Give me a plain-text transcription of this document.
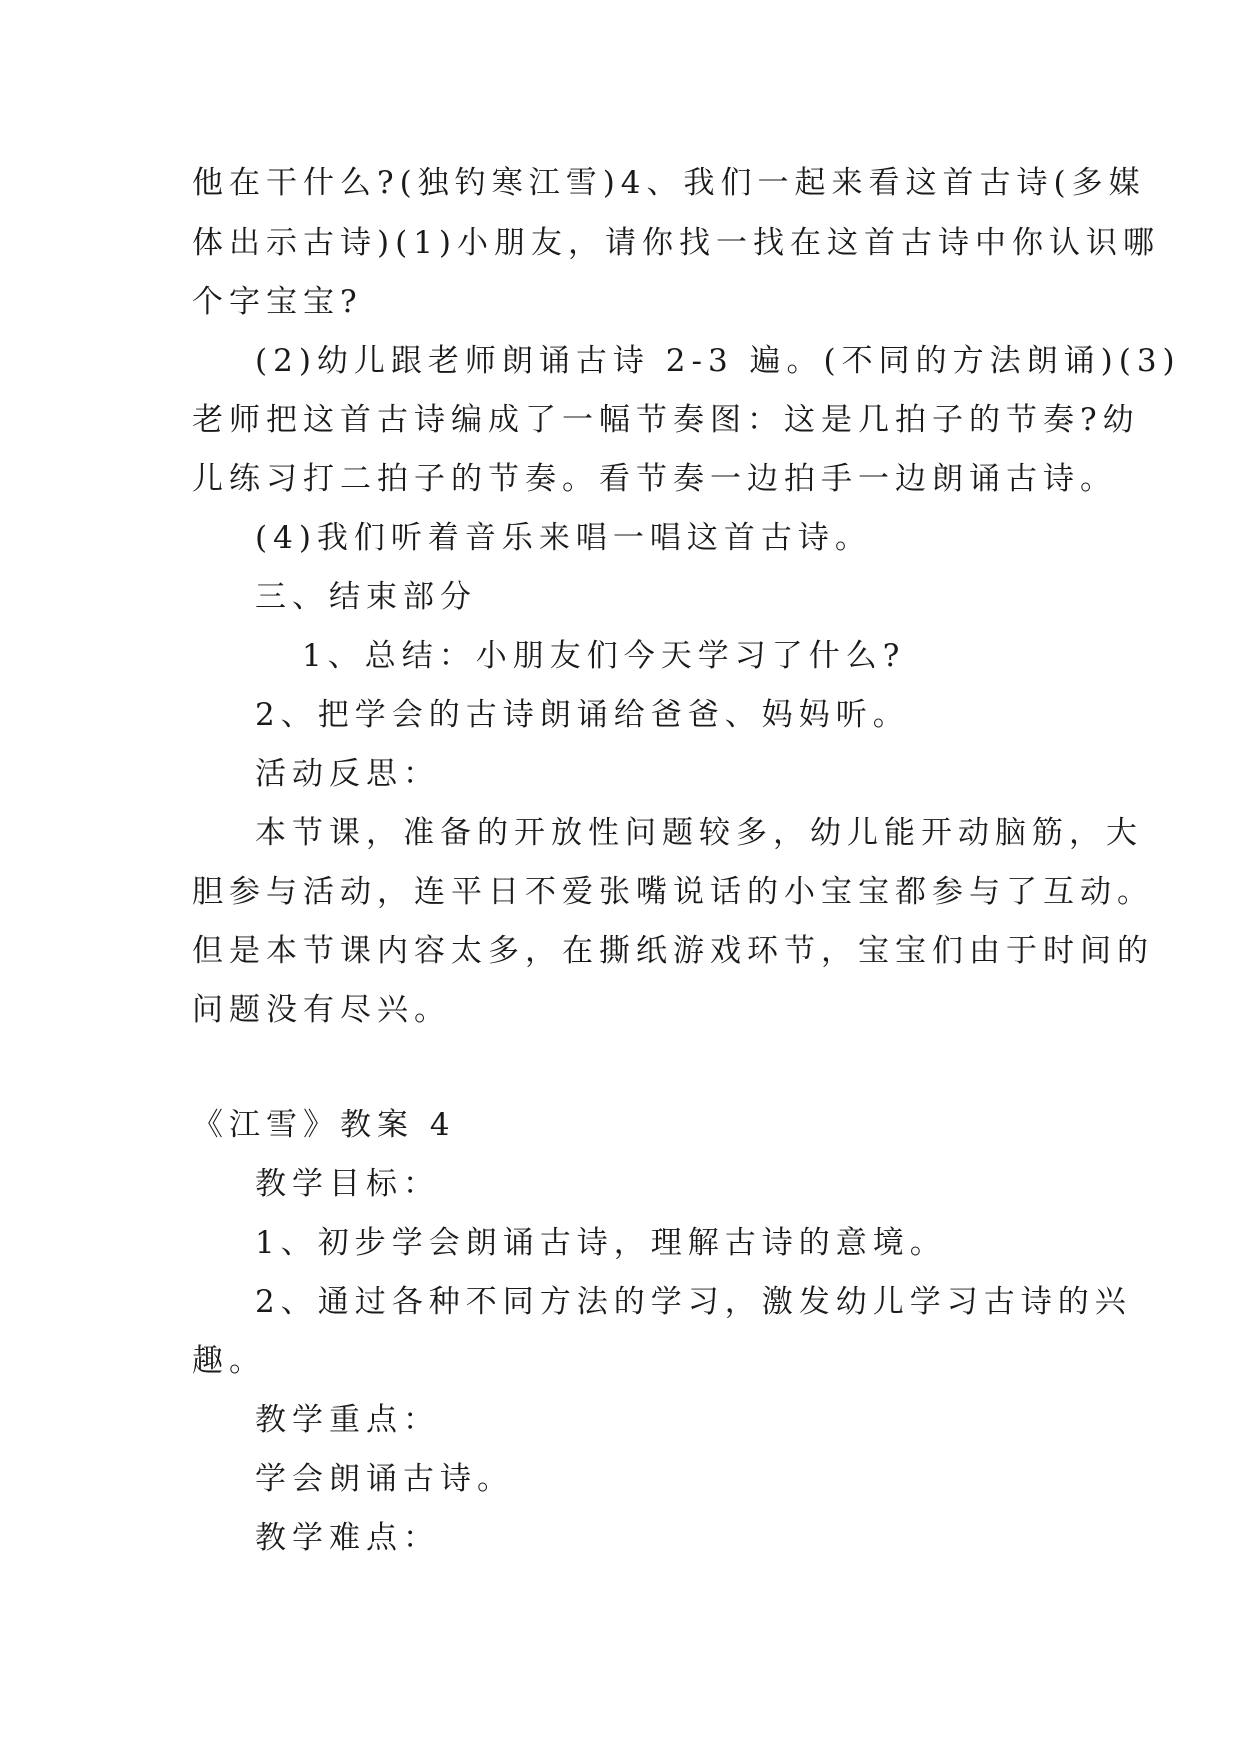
他在干什么?(独钓寒江雪)4、我们一起来看这首古诗(多媒
体出示古诗)(1)小朋友，请你找一找在这首古诗中你认识哪
个字宝宝?
(2)幼儿跟老师朗诵古诗 2-3 遍。(不同的方法朗诵)(3)
老师把这首古诗编成了一幅节奏图：这是几拍子的节奏?幼
儿练习打二拍子的节奏。看节奏一边拍手一边朗诵古诗。
(4)我们听着音乐来唱一唱这首古诗。
三、结束部分
1、总结：小朋友们今天学习了什么?
2、把学会的古诗朗诵给爸爸、妈妈听。
活动反思：
本节课，准备的开放性问题较多，幼儿能开动脑筋，大
胆参与活动，连平日不爱张嘴说话的小宝宝都参与了互动。
但是本节课内容太多，在撕纸游戏环节，宝宝们由于时间的
问题没有尽兴。
《江雪》教案 4
教学目标：
1、初步学会朗诵古诗，理解古诗的意境。
2、通过各种不同方法的学习，激发幼儿学习古诗的兴
趣。
教学重点：
学会朗诵古诗。
教学难点：
